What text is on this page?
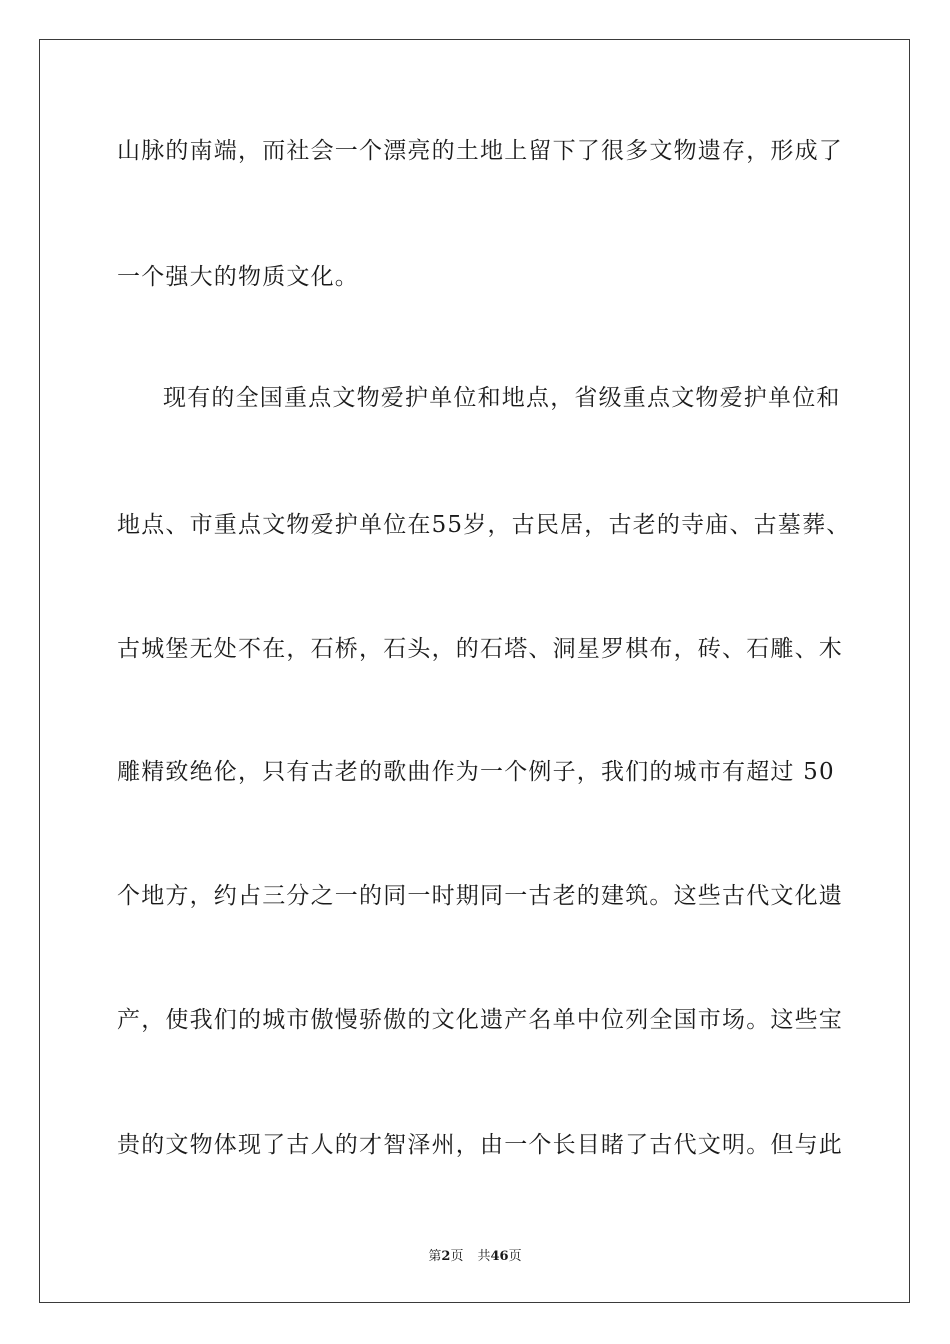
山脉的南端，而社会一个漂亮的土地上留下了很多文物遗存，形成了
一个强大的物质文化。
现有的全国重点文物爱护单位和地点，省级重点文物爱护单位和
地点、市重点文物爱护单位在55岁，古民居，古老的寺庙、古墓葬、
古城堡无处不在，石桥，石头，的石塔、洞星罗棋布，砖、石雕、木
雕精致绝伦，只有古老的歌曲作为一个例子，我们的城市有超过 50
个地方，约占三分之一的同一时期同一古老的建筑。这些古代文化遗
产，使我们的城市傲慢骄傲的文化遗产名单中位列全国市场。这些宝
贵的文物体现了古人的才智泽州，由一个长目睹了古代文明。但与此
第2页 共46页
